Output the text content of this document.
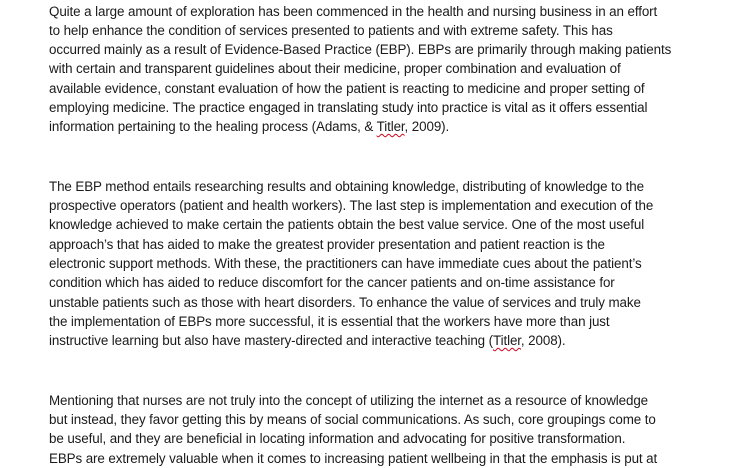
Quite a large amount of exploration has been commenced in the health and nursing business in an effort
to help enhance the condition of services presented to patients and with extreme safety. This has
occurred mainly as a result of Evidence-Based Practice (EBP). EBPs are primarily through making patients
with certain and transparent guidelines about their medicine, proper combination and evaluation of
available evidence, constant evaluation of how the patient is reacting to medicine and proper setting of
employing medicine. The practice engaged in translating study into practice is vital as it offers essential
information pertaining to the healing process (Adams, & Titler, 2009).
The EBP method entails researching results and obtaining knowledge, distributing of knowledge to the
prospective operators (patient and health workers). The last step is implementation and execution of the
knowledge achieved to make certain the patients obtain the best value service. One of the most useful
approach’s that has aided to make the greatest provider presentation and patient reaction is the
electronic support methods. With these, the practitioners can have immediate cues about the patient’s
condition which has aided to reduce discomfort for the cancer patients and on-time assistance for
unstable patients such as those with heart disorders. To enhance the value of services and truly make
the implementation of EBPs more successful, it is essential that the workers have more than just
instructive learning but also have mastery-directed and interactive teaching (Titler, 2008).
Mentioning that nurses are not truly into the concept of utilizing the internet as a resource of knowledge
but instead, they favor getting this by means of social communications. As such, core groupings come to
be useful, and they are beneficial in locating information and advocating for positive transformation.
EBPs are extremely valuable when it comes to increasing patient wellbeing in that the emphasis is put at
